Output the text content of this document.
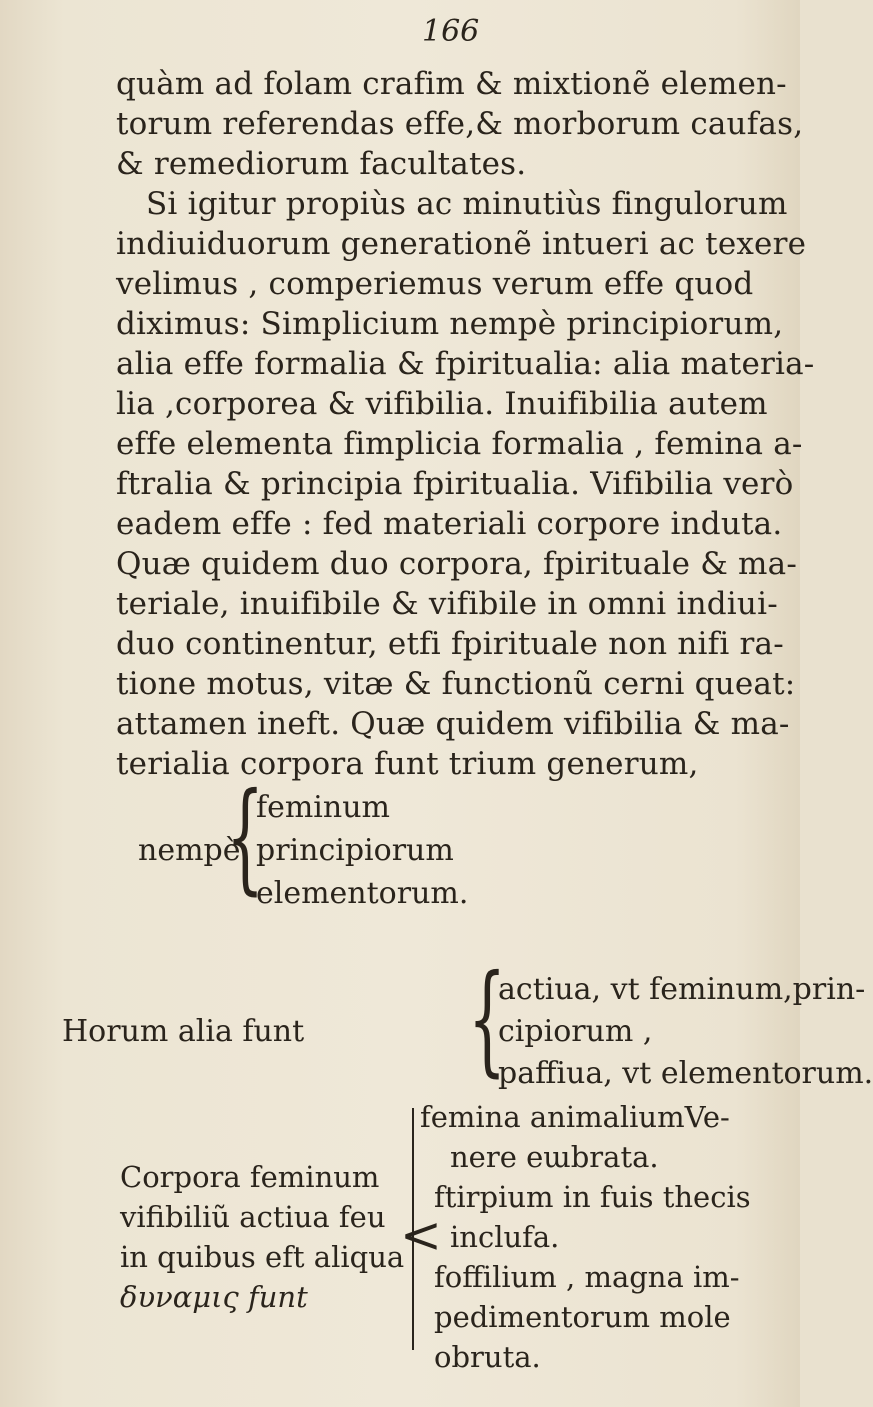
166
quàm ad folam crafim & mixtionẽ elemen-
torum referendas effe,& morborum caufas,
& remediorum facultates.
Si igitur propiùs ac minutiùs fingulorum
indiuiduorum generationẽ intueri ac texere
velimus , comperiemus verum effe quod
diximus: Simplicium nempè principiorum,
alia effe formalia & fpiritualia: alia materia-
lia ,corporea & vifibilia. Inuifibilia autem
effe elementa fimplicia formalia , femina a-
ftralia & principia fpiritualia. Vifibilia verò
eadem effe : fed materiali corpore induta.
Quæ quidem duo corpora, fpirituale & ma-
teriale, inuifibile & vifibile in omni indiui-
duo continentur, etfi fpirituale non nifi ra-
tione motus, vitæ & functionũ cerni queat:
attamen ineft. Quæ quidem vifibilia & ma-
terialia corpora funt trium generum,
nempè
{
feminum
principiorum
elementorum.
Horum alia funt {
actiua, vt feminum,prin-
cipiorum ,
paffiua, vt elementorum.
Corpora feminum
vifibiliũ actiua feu
in quibus eft aliqua
δυναμις funt
<
femina animaliumVe-
nere eɯbrata.
ftirpium in fuis thecis
inclufa.
foffilium , magna im-
pedimentorum mole
obruta.
